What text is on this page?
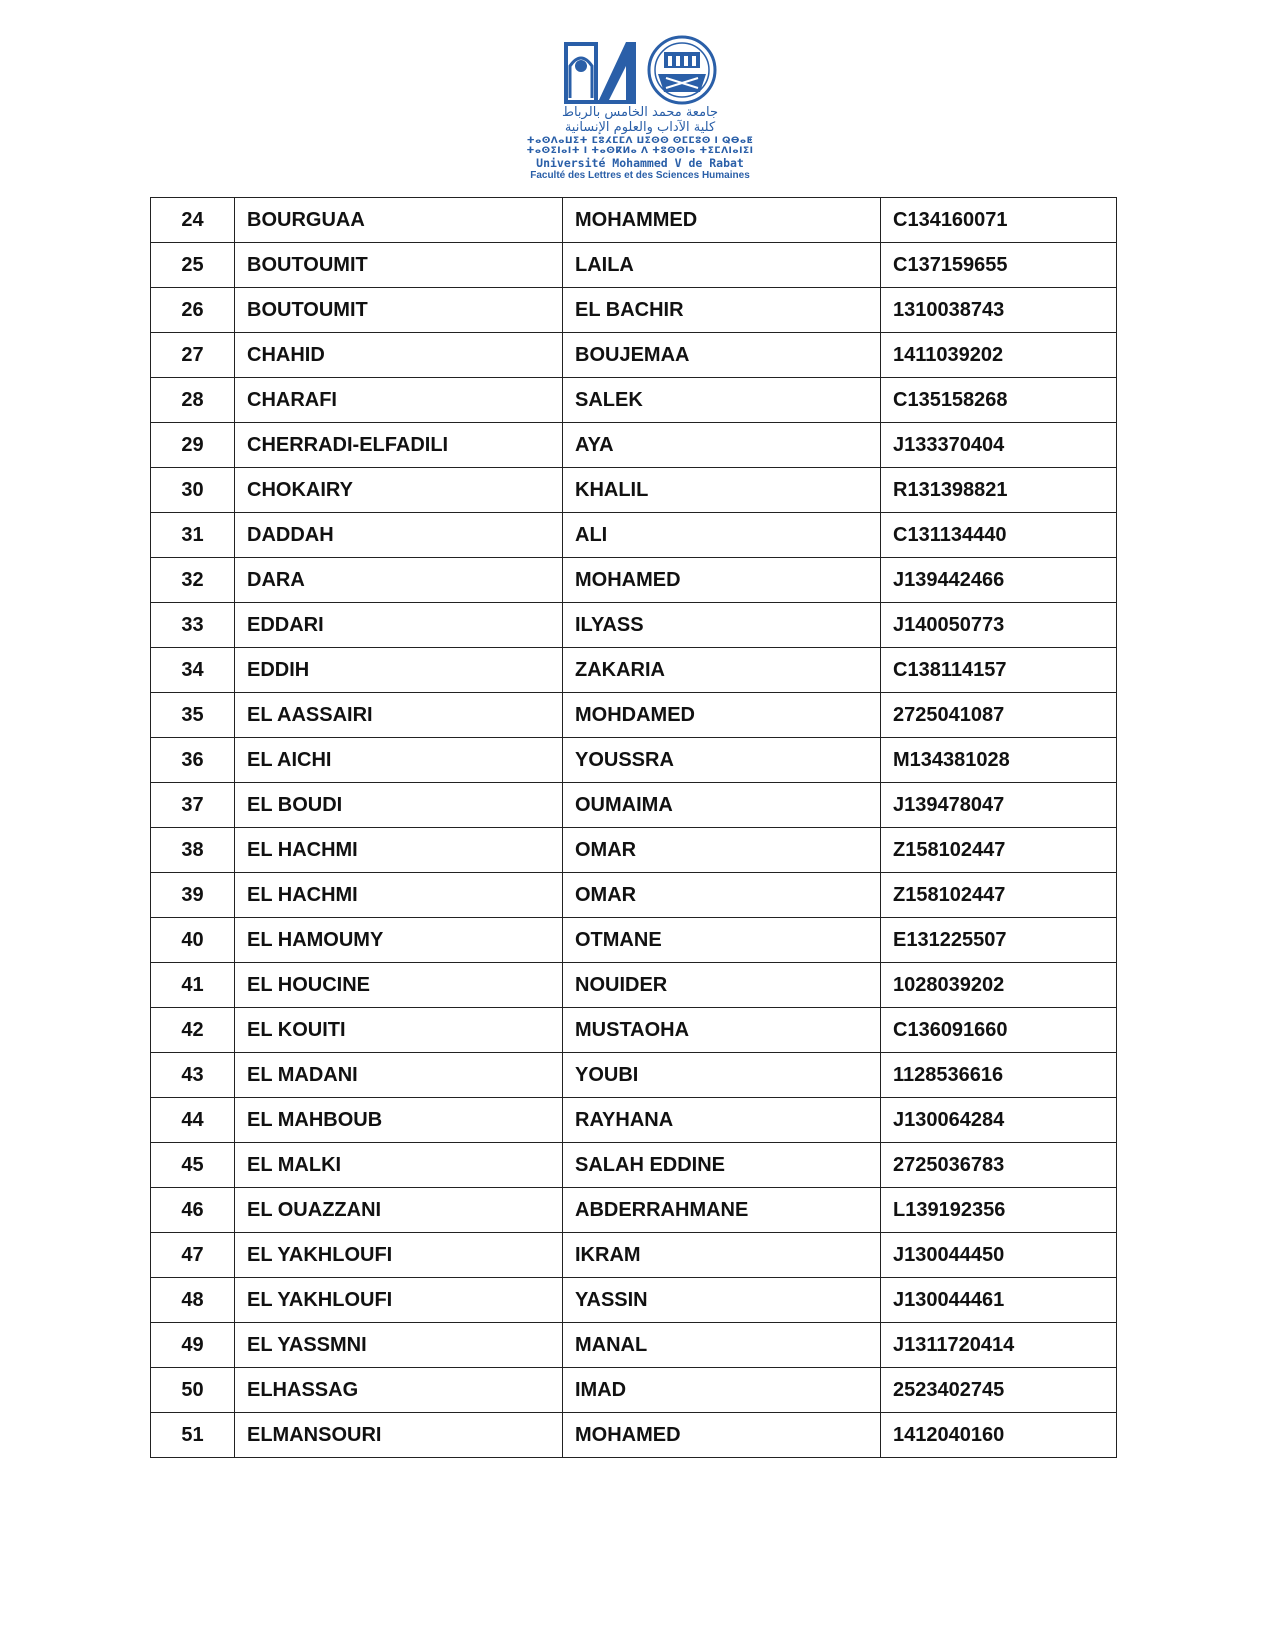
جامعة محمد الخامس بالرباط
كلية الآداب والعلوم الإنسانية
ⵜⴰⵙⴷⴰⵡⵉⵜ ⵎⵓⵃⵎⵎⴷ ⵡⵉⵙⵙ ⵙⵎⵎⵓⵙ ⵏ ⵕⴱⴰⵟ
ⵜⴰⵙⵉⵏⴰⵏⵜ ⵏ ⵜⴰⵙⴽⵍⴰ ⴷ ⵜⵓⵙⵙⵏⴰ ⵜⵉⵎⴷⵏⴰⵏⵉⵏ
Université Mohammed V de Rabat
Faculté des Lettres et des Sciences Humaines
24	BOURGUAA	MOHAMMED	C134160071
25	BOUTOUMIT	LAILA	C137159655
26	BOUTOUMIT	EL BACHIR	1310038743
27	CHAHID	BOUJEMAA	1411039202
28	CHARAFI	SALEK	C135158268
29	CHERRADI-ELFADILI	AYA	J133370404
30	CHOKAIRY	KHALIL	R131398821
31	DADDAH	ALI	C131134440
32	DARA	MOHAMED	J139442466
33	EDDARI	ILYASS	J140050773
34	EDDIH	ZAKARIA	C138114157
35	EL AASSAIRI	MOHDAMED	2725041087
36	EL AICHI	YOUSSRA	M134381028
37	EL BOUDI	OUMAIMA	J139478047
38	EL HACHMI	OMAR	Z158102447
39	EL HACHMI	OMAR	Z158102447
40	EL HAMOUMY	OTMANE	E131225507
41	EL HOUCINE	NOUIDER	1028039202
42	EL KOUITI	MUSTAOHA	C136091660
43	EL MADANI	YOUBI	1128536616
44	EL MAHBOUB	RAYHANA	J130064284
45	EL MALKI	SALAH EDDINE	2725036783
46	EL OUAZZANI	ABDERRAHMANE	L139192356
47	EL YAKHLOUFI	IKRAM	J130044450
48	EL YAKHLOUFI	YASSIN	J130044461
49	EL YASSMNI	MANAL	J1311720414
50	ELHASSAG	IMAD	2523402745
51	ELMANSOURI	MOHAMED	1412040160
